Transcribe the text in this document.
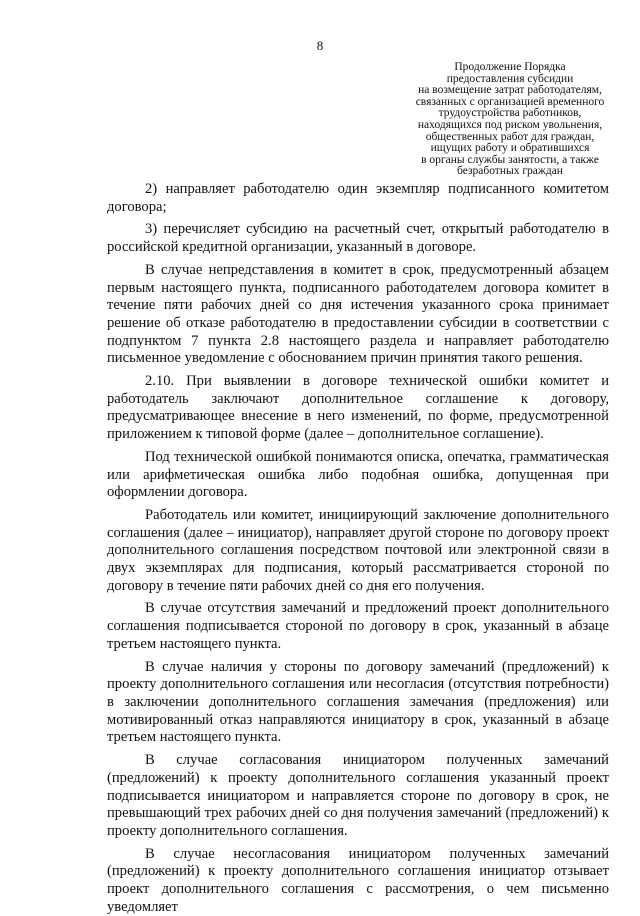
8
Продолжение Порядка
предоставления субсидии
на возмещение затрат работодателям,
связанных с организацией временного
трудоустройства работников,
находящихся под риском увольнения,
общественных работ для граждан,
ищущих работу и обратившихся
в органы службы занятости, а также
безработных граждан

2) направляет работодателю один экземпляр подписанного комитетом договора;

3) перечисляет субсидию на расчетный счет, открытый работодателю в российской кредитной организации, указанный в договоре.

В случае непредставления в комитет в срок, предусмотренный абзацем первым настоящего пункта, подписанного работодателем договора комитет в течение пяти рабочих дней со дня истечения указанного срока принимает решение об отказе работодателю в предоставлении субсидии в соответствии с подпунктом 7 пункта 2.8 настоящего раздела и направляет работодателю письменное уведомление с обоснованием причин принятия такого решения.

2.10. При выявлении в договоре технической ошибки комитет и работодатель заключают дополнительное соглашение к договору, предусматривающее внесение в него изменений, по форме, предусмотренной приложением к типовой форме (далее – дополнительное соглашение).

Под технической ошибкой понимаются описка, опечатка, грамматическая или арифметическая ошибка либо подобная ошибка, допущенная при оформлении договора.

Работодатель или комитет, инициирующий заключение дополнительного соглашения (далее – инициатор), направляет другой стороне по договору проект дополнительного соглашения посредством почтовой или электронной связи в двух экземплярах для подписания, который рассматривается стороной по договору в течение пяти рабочих дней со дня его получения.

В случае отсутствия замечаний и предложений проект дополнительного соглашения подписывается стороной по договору в срок, указанный в абзаце третьем настоящего пункта.

В случае наличия у стороны по договору замечаний (предложений) к проекту дополнительного соглашения или несогласия (отсутствия потребности) в заключении дополнительного соглашения замечания (предложения) или мотивированный отказ направляются инициатору в срок, указанный в абзаце третьем настоящего пункта.

В случае согласования инициатором полученных замечаний (предложений) к проекту дополнительного соглашения указанный проект подписывается инициатором и направляется стороне по договору в срок, не превышающий трех рабочих дней со дня получения замечаний (предложений) к проекту дополнительного соглашения.

В случае несогласования инициатором полученных замечаний (предложений) к проекту дополнительного соглашения инициатор отзывает проект дополнительного соглашения с рассмотрения, о чем письменно уведомляет
